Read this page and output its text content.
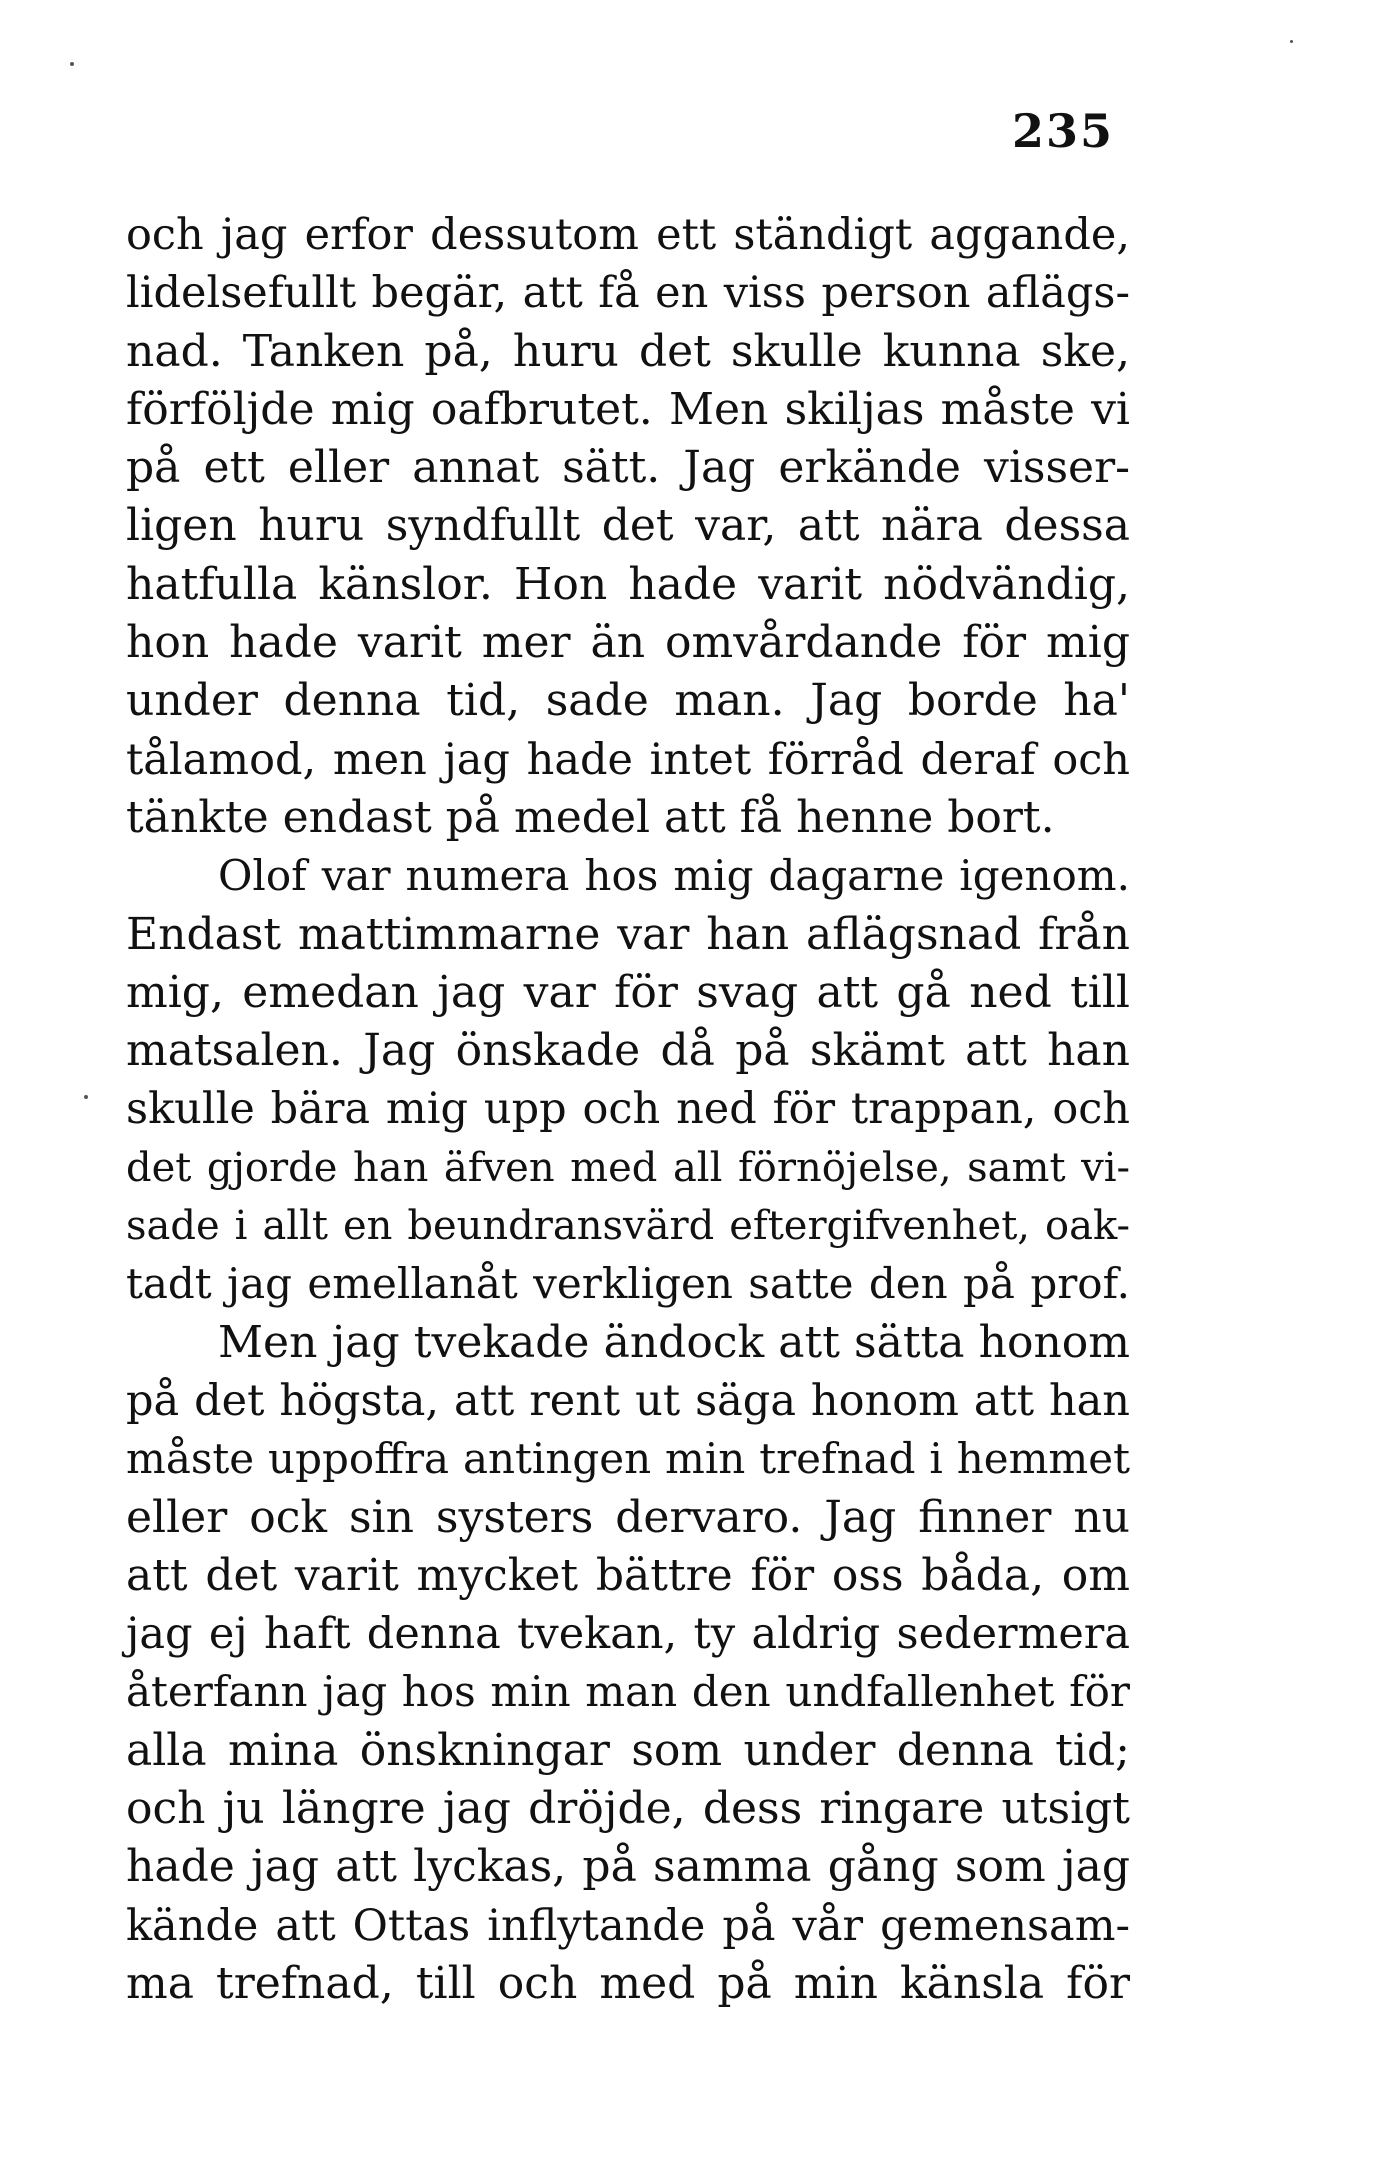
235
och jag erfor dessutom ett ständigt aggande,
lidelsefullt begär, att få en viss person aflägs-
nad. Tanken på, huru det skulle kunna ske,
förföljde mig oafbrutet. Men skiljas måste vi
på ett eller annat sätt. Jag erkände visser-
ligen huru syndfullt det var, att nära dessa
hatfulla känslor. Hon hade varit nödvändig,
hon hade varit mer än omvårdande för mig
under denna tid, sade man. Jag borde ha'
tålamod, men jag hade intet förråd deraf och
tänkte endast på medel att få henne bort.
Olof var numera hos mig dagarne igenom.
Endast mattimmarne var han aflägsnad från
mig, emedan jag var för svag att gå ned till
matsalen. Jag önskade då på skämt att han
skulle bära mig upp och ned för trappan, och
det gjorde han äfven med all förnöjelse, samt vi-
sade i allt en beundransvärd eftergifvenhet, oak-
tadt jag emellanåt verkligen satte den på prof.
Men jag tvekade ändock att sätta honom
på det högsta, att rent ut säga honom att han
måste uppoffra antingen min trefnad i hemmet
eller ock sin systers dervaro. Jag finner nu
att det varit mycket bättre för oss båda, om
jag ej haft denna tvekan, ty aldrig sedermera
återfann jag hos min man den undfallenhet för
alla mina önskningar som under denna tid;
och ju längre jag dröjde, dess ringare utsigt
hade jag att lyckas, på samma gång som jag
kände att Ottas inflytande på vår gemensam-
ma trefnad, till och med på min känsla för
